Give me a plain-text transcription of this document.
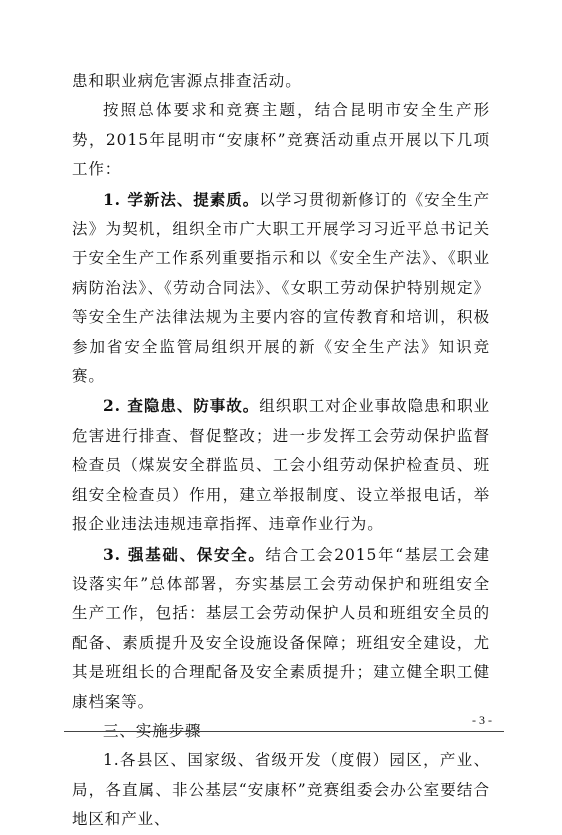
患和职业病危害源点排查活动。

按照总体要求和竞赛主题，结合昆明市安全生产形势，2015年昆明市“安康杯”竞赛活动重点开展以下几项工作：

1. 学新法、提素质。以学习贯彻新修订的《安全生产法》为契机，组织全市广大职工开展学习习近平总书记关于安全生产工作系列重要指示和以《安全生产法》、《职业病防治法》、《劳动合同法》、《女职工劳动保护特别规定》等安全生产法律法规为主要内容的宣传教育和培训，积极参加省安全监管局组织开展的新《安全生产法》知识竞赛。

2. 查隐患、防事故。组织职工对企业事故隐患和职业危害进行排查、督促整改；进一步发挥工会劳动保护监督检查员（煤炭安全群监员、工会小组劳动保护检查员、班组安全检查员）作用，建立举报制度、设立举报电话，举报企业违法违规违章指挥、违章作业行为。

3. 强基础、保安全。结合工会2015年“基层工会建设落实年”总体部署，夯实基层工会劳动保护和班组安全生产工作，包括：基层工会劳动保护人员和班组安全员的配备、素质提升及安全设施设备保障；班组安全建设，尤其是班组长的合理配备及安全素质提升；建立健全职工健康档案等。

三、实施步骤

1.各县区、国家级、省级开发（度假）园区，产业、局，各直属、非公基层“安康杯”竞赛组委会办公室要结合地区和产业、

- 3 -
